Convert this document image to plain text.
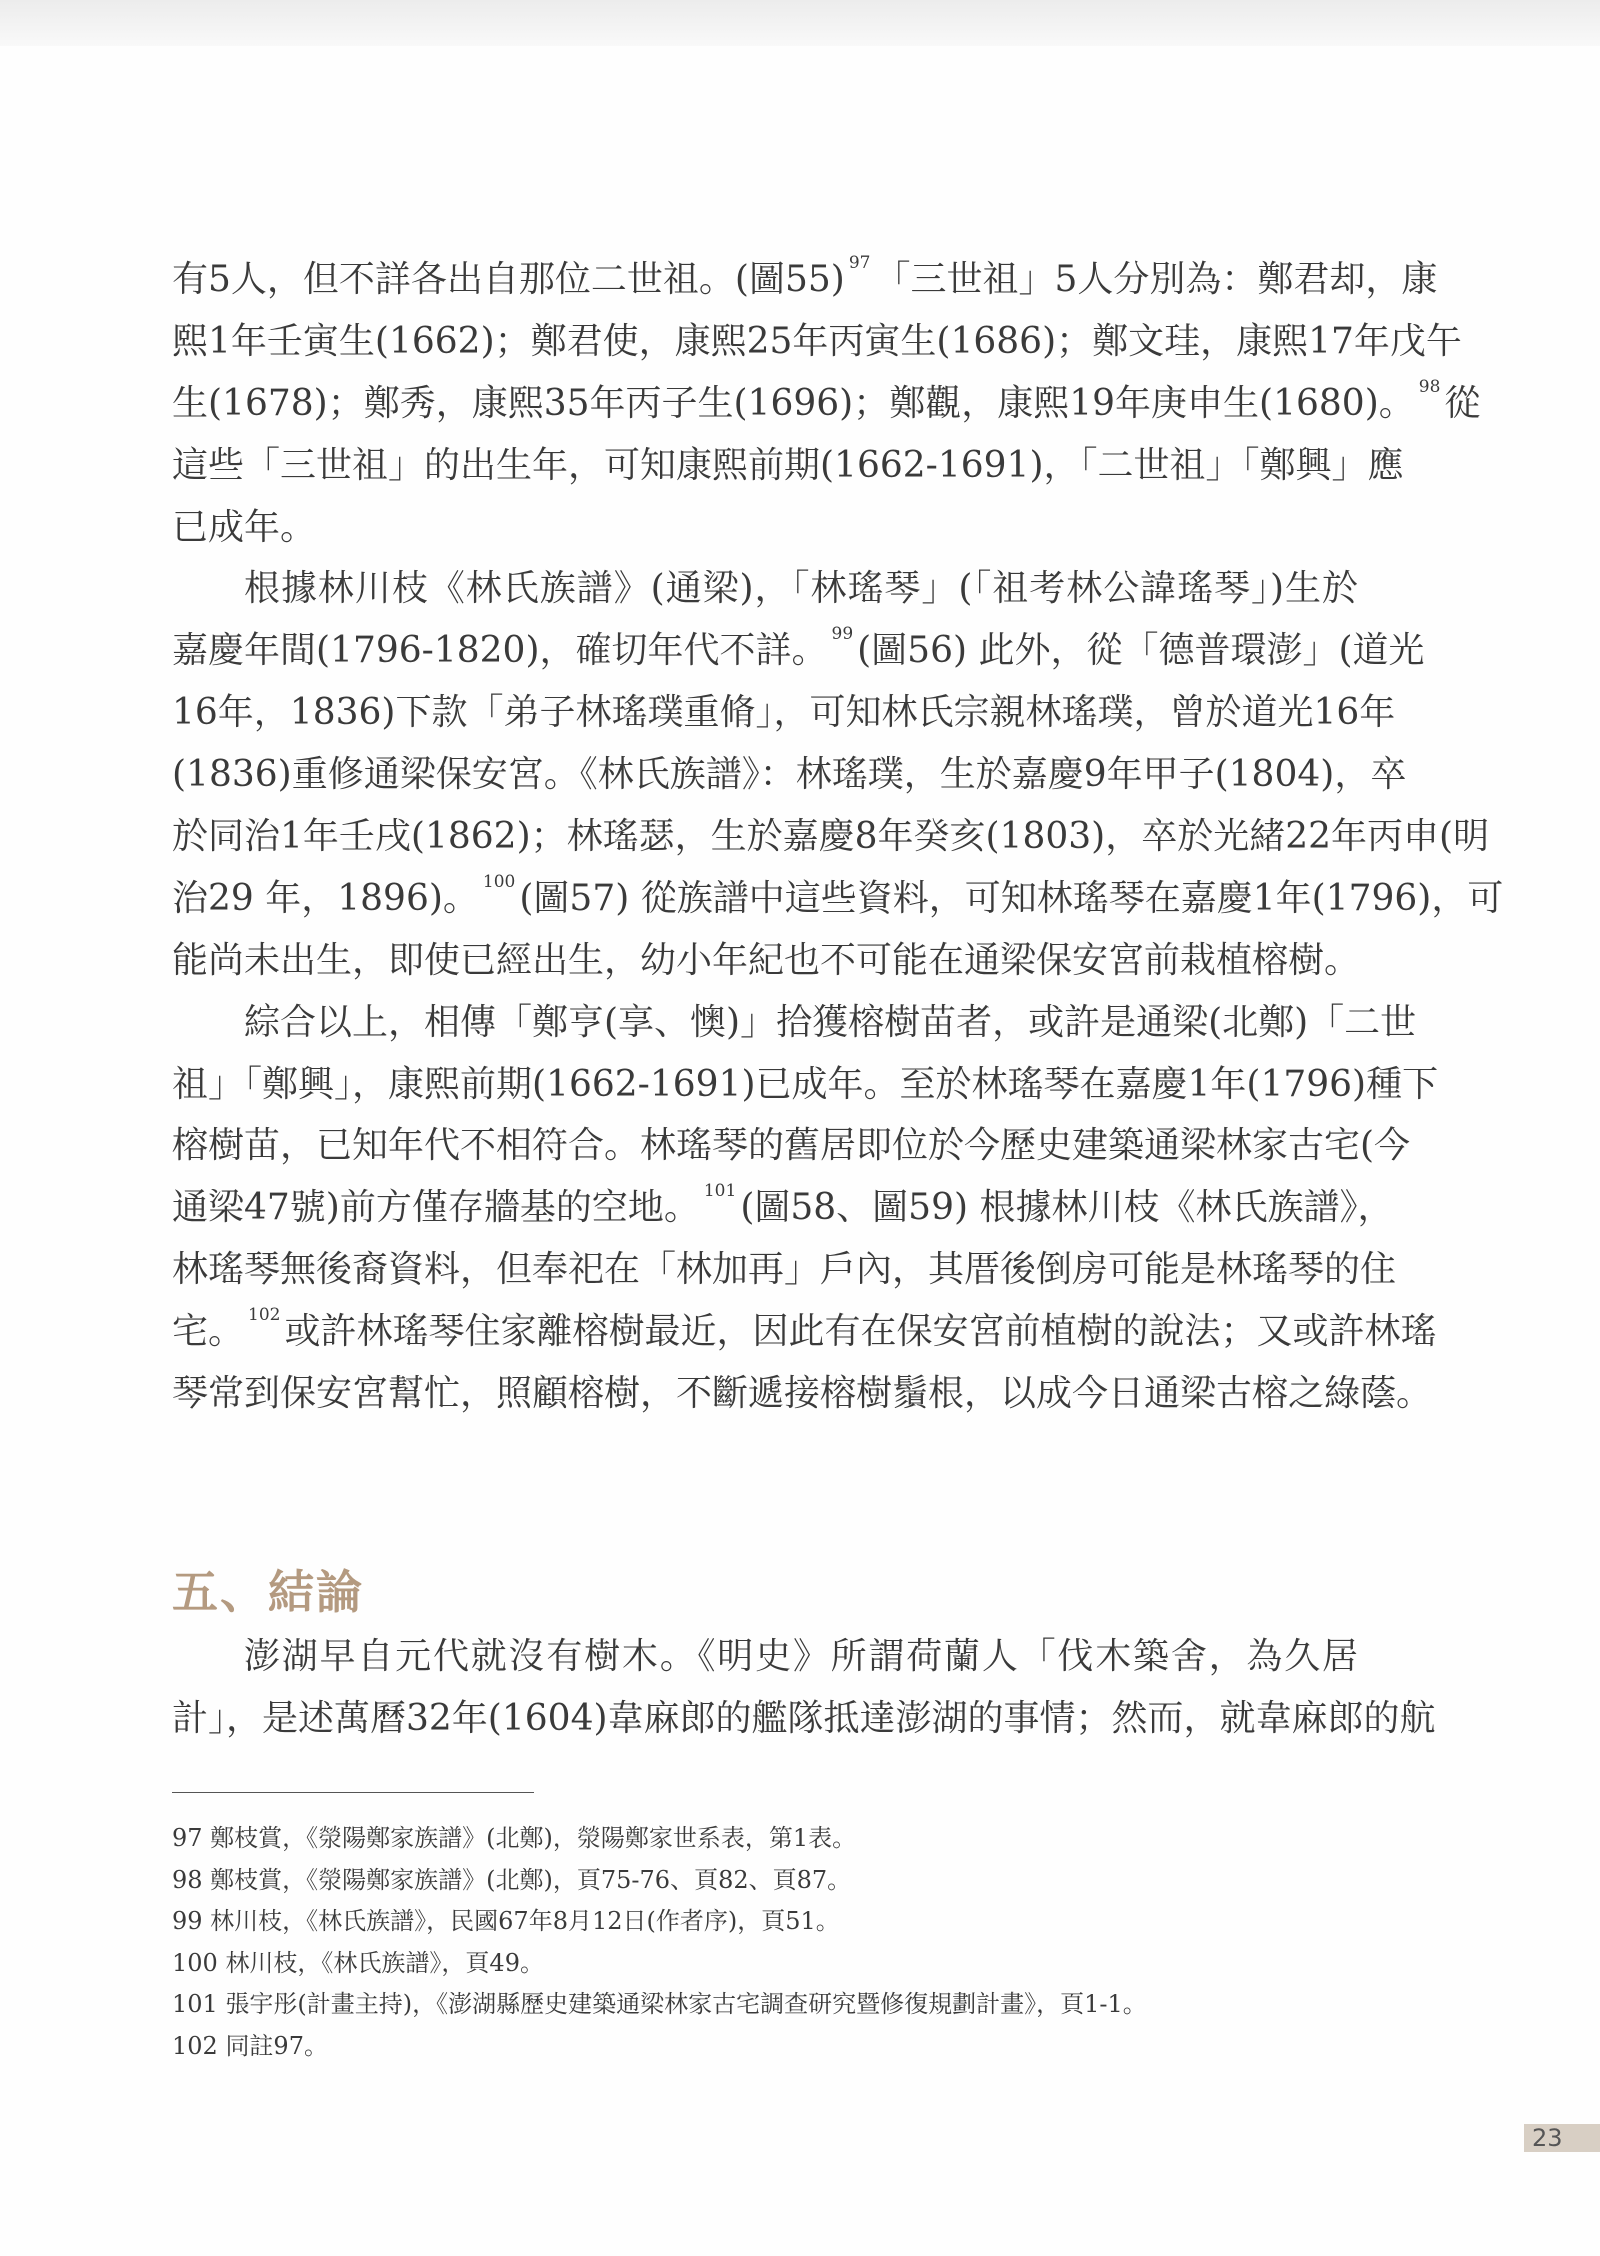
有5人，但不詳各出自那位二世祖。(圖55) $^{97}$ 「三世祖」5人分別為：鄭君却，康
熙1年壬寅生(1662)；鄭君使，康熙25年丙寅生(1686)；鄭文珪，康熙17年戊午
生(1678)；鄭秀，康熙35年丙子生(1696)；鄭觀，康熙19年庚申生(1680)。 $^{98}$ 從
這些「三世祖」的出生年，可知康熙前期(1662-1691)，「二世祖」「鄭興」應
已成年。
根據林川枝《林氏族譜》(通梁)，「林瑤琴」(「祖考林公諱瑤琴」)生於
嘉慶年間(1796-1820)，確切年代不詳。 $^{99}$ (圖56) 此外，從「德普環澎」(道光
16年，1836)下款「弟子林瑤璞重脩」，可知林氏宗親林瑤璞，曾於道光16年
(1836)重修通梁保安宮。《林氏族譜》：林瑤璞，生於嘉慶9年甲子(1804)，卒
於同治1年壬戌(1862)；林瑤瑟，生於嘉慶8年癸亥(1803)，卒於光緒22年丙申(明
治29 年，1896)。 $^{100}$ (圖57) 從族譜中這些資料，可知林瑤琴在嘉慶1年(1796)，可
能尚未出生，即使已經出生，幼小年紀也不可能在通梁保安宮前栽植榕樹。
綜合以上，相傳「鄭亨(享、懊)」拾獲榕樹苗者，或許是通梁(北鄭)「二世
祖」「鄭興」，康熙前期(1662-1691)已成年。至於林瑤琴在嘉慶1年(1796)種下
榕樹苗，已知年代不相符合。林瑤琴的舊居即位於今歷史建築通梁林家古宅(今
通梁47號)前方僅存牆基的空地。 $^{101}$ (圖58、圖59) 根據林川枝《林氏族譜》，
林瑤琴無後裔資料，但奉祀在「林加再」戶內，其厝後倒房可能是林瑤琴的住
宅。 $^{102}$ 或許林瑤琴住家離榕樹最近，因此有在保安宮前植樹的說法；又或許林瑤
琴常到保安宮幫忙，照顧榕樹，不斷遞接榕樹鬚根，以成今日通梁古榕之綠蔭。
五、結論
澎湖早自元代就沒有樹木。《明史》所謂荷蘭人「伐木築舍，為久居
計」，是述萬曆32年(1604)韋麻郎的艦隊抵達澎湖的事情；然而，就韋麻郎的航
97 鄭枝賞，《滎陽鄭家族譜》(北鄭)，滎陽鄭家世系表，第1表。
98 鄭枝賞，《滎陽鄭家族譜》(北鄭)，頁75-76、頁82、頁87。
99 林川枝，《林氏族譜》，民國67年8月12日(作者序)，頁51。
100 林川枝，《林氏族譜》，頁49。
101 張宇彤(計畫主持)，《澎湖縣歷史建築通梁林家古宅調查研究暨修復規劃計畫》，頁1-1。
102 同註97。
23
